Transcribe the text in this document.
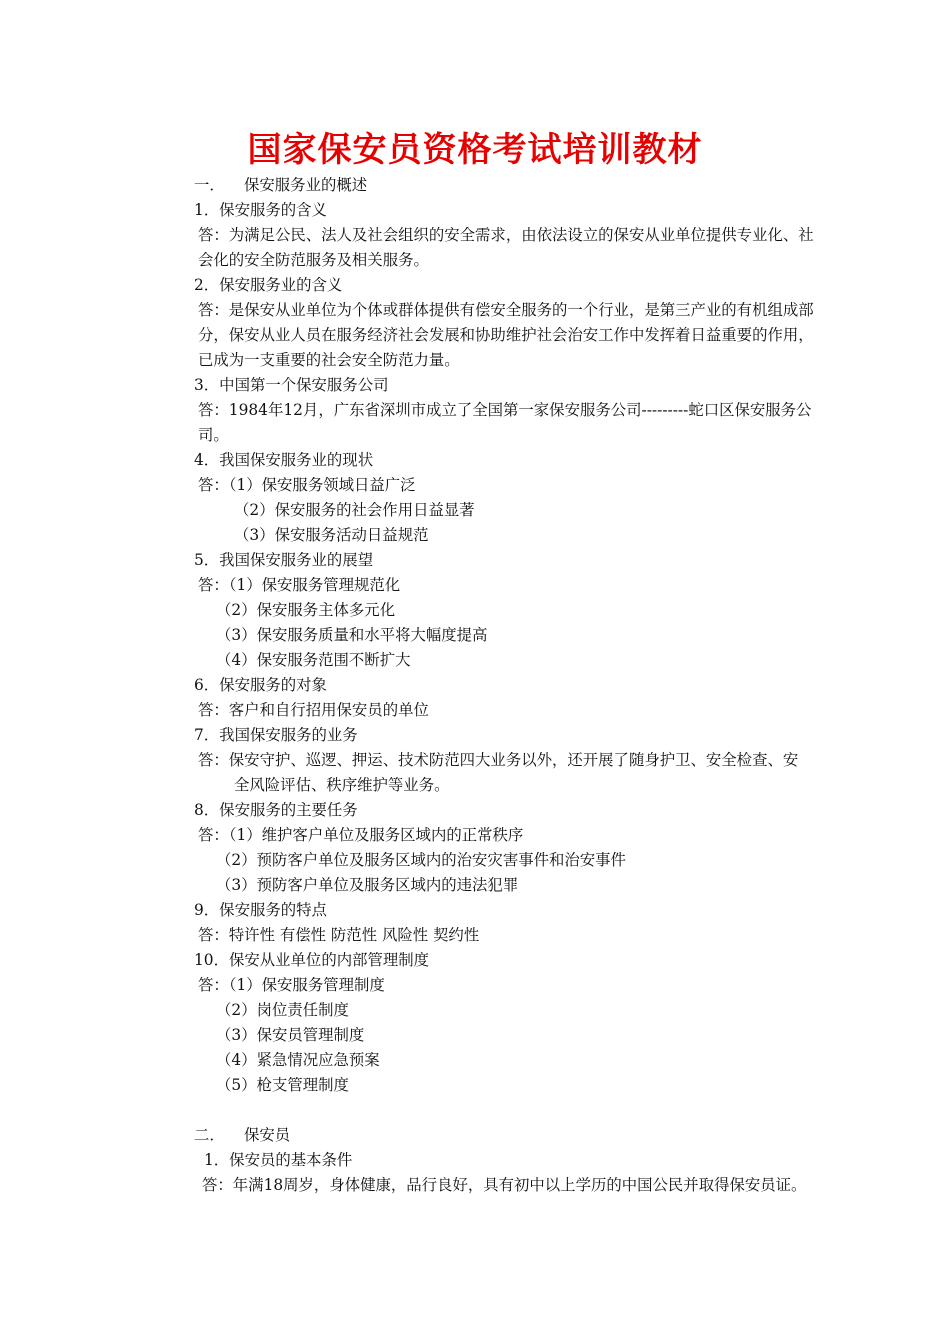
国家保安员资格考试培训教材
一． 保安服务业的概述
1．保安服务的含义
答：为满足公民、法人及社会组织的安全需求，由依法设立的保安从业单位提供专业化、社会化的安全防范服务及相关服务。
2．保安服务业的含义
答：是保安从业单位为个体或群体提供有偿安全服务的一个行业，是第三产业的有机组成部分，保安从业人员在服务经济社会发展和协助维护社会治安工作中发挥着日益重要的作用，已成为一支重要的社会安全防范力量。
3．中国第一个保安服务公司
答：1984年12月，广东省深圳市成立了全国第一家保安服务公司---------蛇口区保安服务公司。
4．我国保安服务业的现状
答：（1）保安服务领域日益广泛
（2）保安服务的社会作用日益显著
（3）保安服务活动日益规范
5．我国保安服务业的展望
答：（1）保安服务管理规范化
（2）保安服务主体多元化
（3）保安服务质量和水平将大幅度提高
（4）保安服务范围不断扩大
6．保安服务的对象
答：客户和自行招用保安员的单位
7．我国保安服务的业务
答：保安守护、巡逻、押运、技术防范四大业务以外，还开展了随身护卫、安全检查、安
全风险评估、秩序维护等业务。
8．保安服务的主要任务
答：（1）维护客户单位及服务区域内的正常秩序
（2）预防客户单位及服务区域内的治安灾害事件和治安事件
（3）预防客户单位及服务区域内的违法犯罪
9．保安服务的特点
答：特许性 有偿性 防范性 风险性 契约性
10．保安从业单位的内部管理制度
答：（1）保安服务管理制度
（2）岗位责任制度
（3）保安员管理制度
（4）紧急情况应急预案
（5）枪支管理制度
二． 保安员
1．保安员的基本条件
答：年满18周岁，身体健康，品行良好，具有初中以上学历的中国公民并取得保安员证。
